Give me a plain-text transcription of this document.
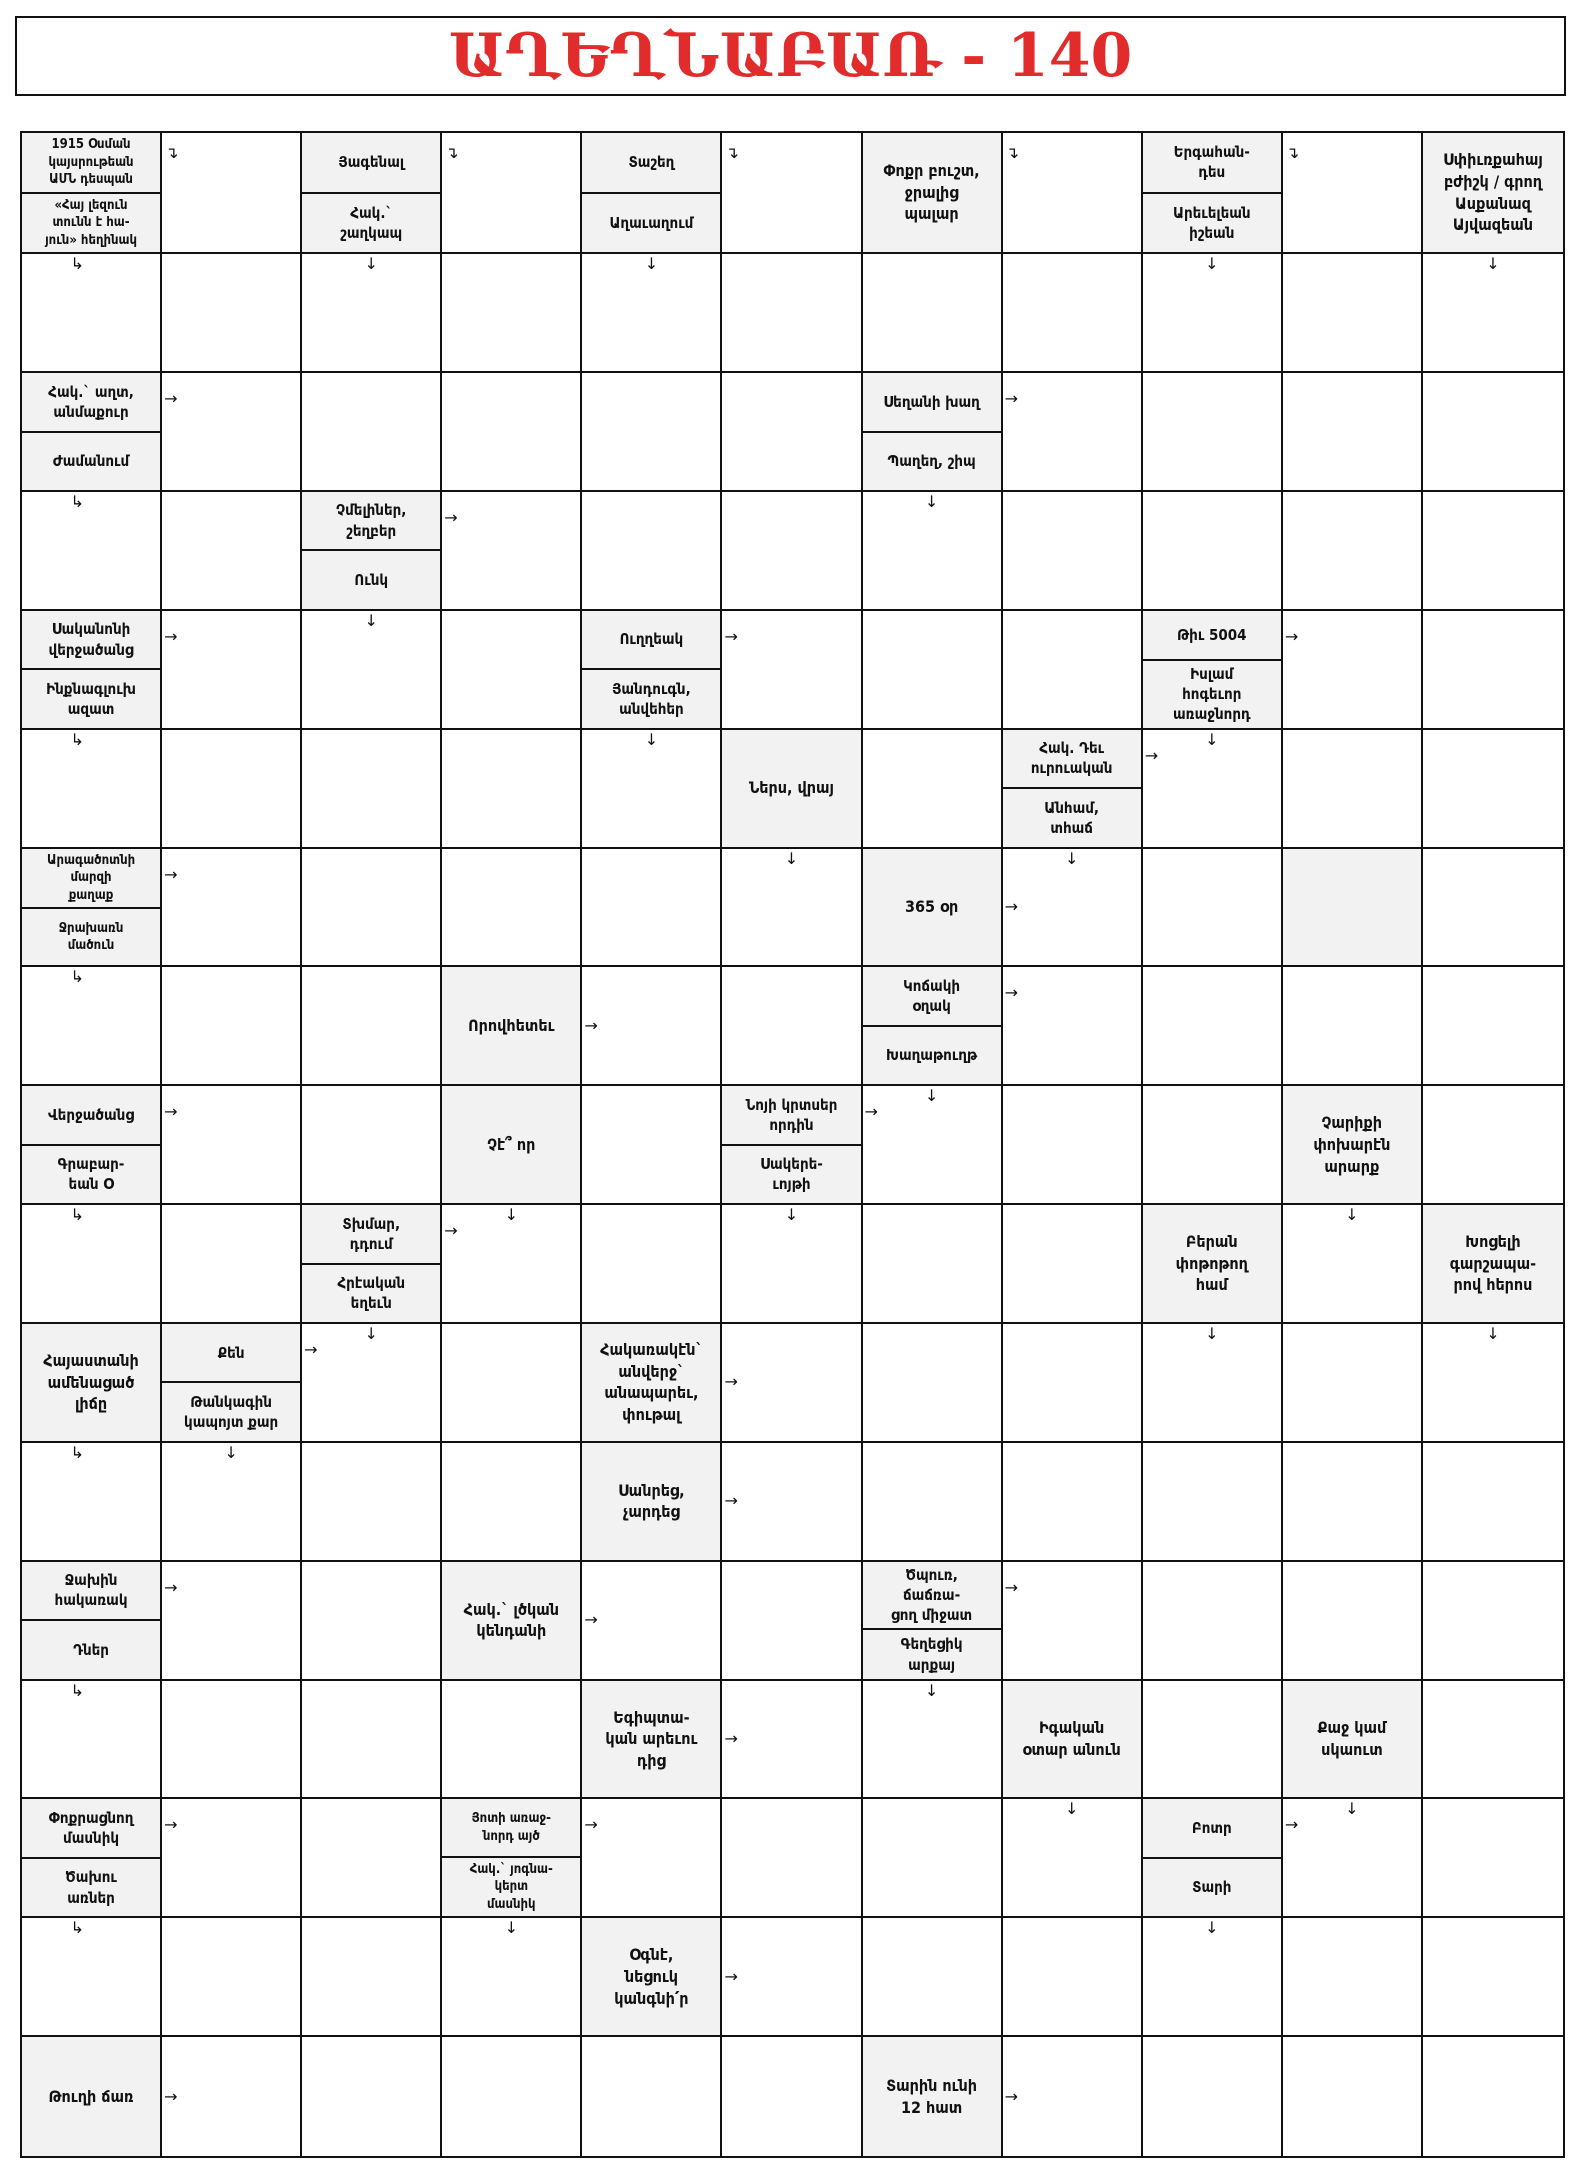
ԱՂԵՂՆԱԲԱՌ - 140
1915 Օսման
կայսրութեան
ԱՄՆ դեսպան
«Հայ լեզուն
տունն է հա-
յուն» հեղինակ
↴
Յագենալ
Հակ.`
շաղկապ
↴
Տաշեղ
Աղաւաղում
↴
Փոքր բուշտ,
ջրալից
պալար
↴	Երգահան-
դես
Արեւելեան
իշեան
↴	Սփիւռքահայ
բժիշկ / գրող
Ասքանազ
Այվազեան
↳	↓	↓	↓	↓
Հակ.` աղտ,
անմաքուր
Ժամանում
→	Սեղանի խաղ
Պաղեղ, շիպ
→
↳	Չմելիներ,
շեղբեր
Ունկ
→
↓
Սականոնի
վերջածանց
Ինքնագլուխ
ազատ
→
↓
Ուղղեակ
Յանդուգն,
անվեհեր
→	Թիւ 5004
Իսլամ
հոգեւոր
առաջնորդ
→
↳	↓
Ներս, վրայ
Հակ. Դեւ
ուրուական
Անհամ,
տհաճ
→
↓
Արագածոտնի
մարզի
քաղաք
Ջրախառն
մածուն
→
↓
365 օր
↓
→
↳
Որովհետեւ	→
Կոճակի
օղակ
Խաղաթուղթ
→
Վերջածանց
Գրաբար-
եան Օ
→
Չէ՞ որ
Նոյի կրտսեր
որդին
Սակերե-
ւոյթի
→
↓
Չարիքի
փոխարէն
արարք
↳	Տխմար,
դդում
Հրէական
եղեւն
↓
→
↓
Բերան
փոթոթող
համ
↓
Խոցելի
գարշապա-
րով հերոս
Հայաստանի
ամենացած
լիճը
Քեն
Թանկագին
կապոյտ քար
→
↓
Հակառակէն`
անվերջ`
անապարեւ,
փութալ
→
↓	↓
↳	↓
Սանրեց,
չարդեց
→
Ջախին
հակառակ
Դներ
→
Հակ.` լծկան
կենդանի
→
Ծպուռ,
ճաճռա-
ցող միջատ
Գեղեցիկ
արքայ
→
↳
Եգիպտա-
կան արեւու
դից
→
↓
Իգական
օտար անուն
Քաջ կամ
սկաուտ
Փոքրացնող
մասնիկ
Ծախու
առներ
→	Յոտի առաջ-
նորդ այծ
Հակ.` յոգնա-
կերտ
մասնիկ
→
↓
Բոտր
Տարի
→
↓
↳	↓
Օգնէ,
նեցուկ
կանգնի՛ր
→
↓
Թուղի ճառ	→
Տարին ունի
12 հատ
→
